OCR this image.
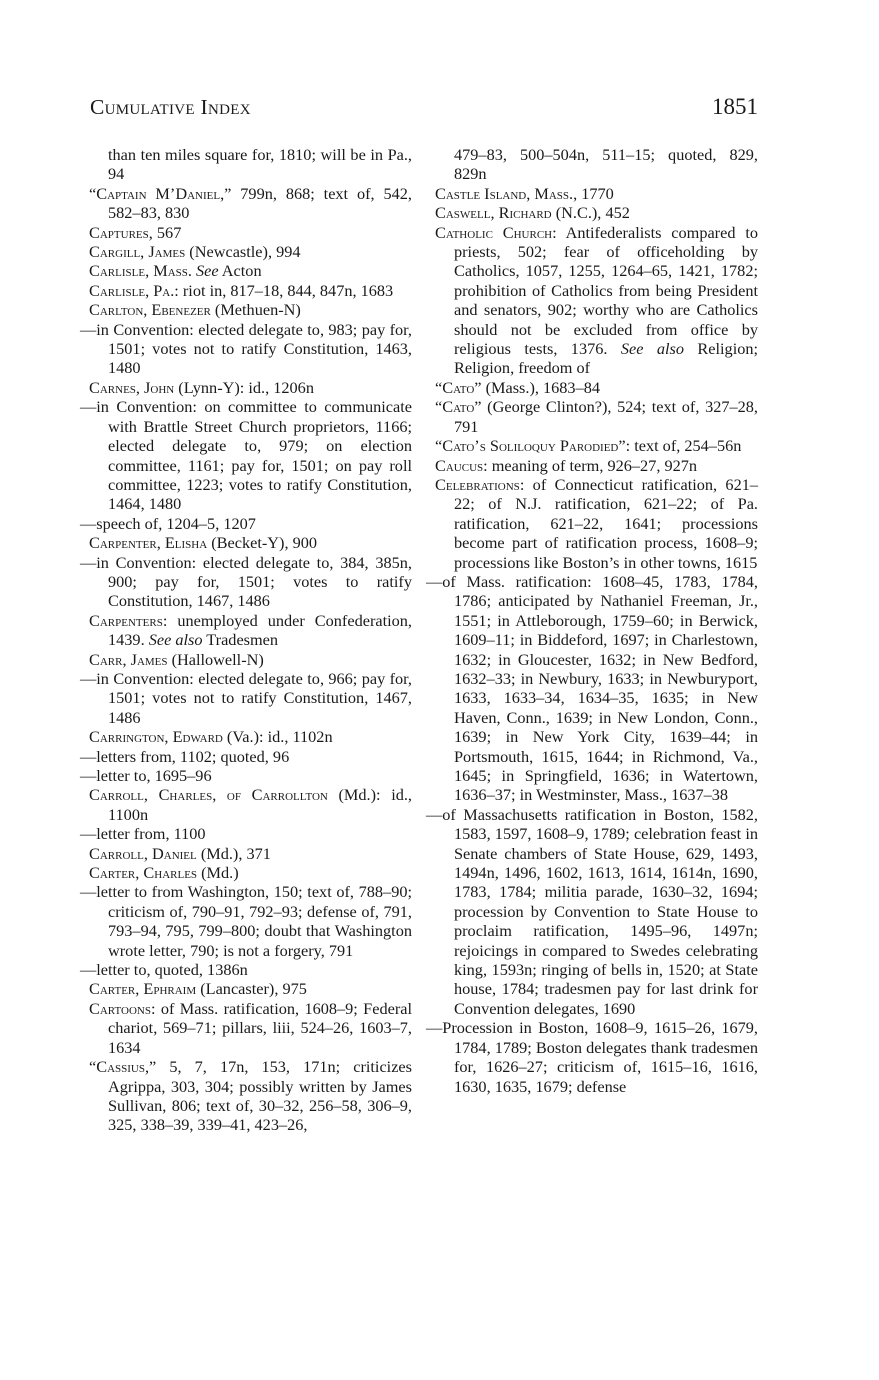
Cumulative Index	1851
than ten miles square for, 1810; will be in Pa., 94
“Captain M’Daniel,” 799n, 868; text of, 542, 582–83, 830
Captures, 567
Cargill, James (Newcastle), 994
Carlisle, Mass. See Acton
Carlisle, Pa.: riot in, 817–18, 844, 847n, 1683
Carlton, Ebenezer (Methuen-N)
—in Convention: elected delegate to, 983; pay for, 1501; votes not to ratify Constitution, 1463, 1480
Carnes, John (Lynn-Y): id., 1206n
—in Convention: on committee to communicate with Brattle Street Church proprietors, 1166; elected delegate to, 979; on election committee, 1161; pay for, 1501; on pay roll committee, 1223; votes to ratify Constitution, 1464, 1480
—speech of, 1204–5, 1207
Carpenter, Elisha (Becket-Y), 900
—in Convention: elected delegate to, 384, 385n, 900; pay for, 1501; votes to ratify Constitution, 1467, 1486
Carpenters: unemployed under Confederation, 1439. See also Tradesmen
Carr, James (Hallowell-N)
—in Convention: elected delegate to, 966; pay for, 1501; votes not to ratify Constitution, 1467, 1486
Carrington, Edward (Va.): id., 1102n
—letters from, 1102; quoted, 96
—letter to, 1695–96
Carroll, Charles, of Carrollton (Md.): id., 1100n
—letter from, 1100
Carroll, Daniel (Md.), 371
Carter, Charles (Md.)
—letter to from Washington, 150; text of, 788–90; criticism of, 790–91, 792–93; defense of, 791, 793–94, 795, 799–800; doubt that Washington wrote letter, 790; is not a forgery, 791
—letter to, quoted, 1386n
Carter, Ephraim (Lancaster), 975
Cartoons: of Mass. ratification, 1608–9; Federal chariot, 569–71; pillars, liii, 524–26, 1603–7, 1634
“Cassius,” 5, 7, 17n, 153, 171n; criticizes Agrippa, 303, 304; possibly written by James Sullivan, 806; text of, 30–32, 256–58, 306–9, 325, 338–39, 339–41, 423–26,
479–83, 500–504n, 511–15; quoted, 829, 829n
Castle Island, Mass., 1770
Caswell, Richard (N.C.), 452
Catholic Church: Antifederalists compared to priests, 502; fear of officeholding by Catholics, 1057, 1255, 1264–65, 1421, 1782; prohibition of Catholics from being President and senators, 902; worthy who are Catholics should not be excluded from office by religious tests, 1376. See also Religion; Religion, freedom of
“Cato” (Mass.), 1683–84
“Cato” (George Clinton?), 524; text of, 327–28, 791
“Cato’s Soliloquy Parodied”: text of, 254–56n
Caucus: meaning of term, 926–27, 927n
Celebrations: of Connecticut ratification, 621–22; of N.J. ratification, 621–22; of Pa. ratification, 621–22, 1641; processions become part of ratification process, 1608–9; processions like Boston’s in other towns, 1615
—of Mass. ratification: 1608–45, 1783, 1784, 1786; anticipated by Nathaniel Freeman, Jr., 1551; in Attleborough, 1759–60; in Berwick, 1609–11; in Biddeford, 1697; in Charlestown, 1632; in Gloucester, 1632; in New Bedford, 1632–33; in Newbury, 1633; in Newburyport, 1633, 1633–34, 1634–35, 1635; in New Haven, Conn., 1639; in New London, Conn., 1639; in New York City, 1639–44; in Portsmouth, 1615, 1644; in Richmond, Va., 1645; in Springfield, 1636; in Watertown, 1636–37; in Westminster, Mass., 1637–38
—of Massachusetts ratification in Boston, 1582, 1583, 1597, 1608–9, 1789; celebration feast in Senate chambers of State House, 629, 1493, 1494n, 1496, 1602, 1613, 1614, 1614n, 1690, 1783, 1784; militia parade, 1630–32, 1694; procession by Convention to State House to proclaim ratification, 1495–96, 1497n; rejoicings in compared to Swedes celebrating king, 1593n; ringing of bells in, 1520; at State house, 1784; tradesmen pay for last drink for Convention delegates, 1690
—Procession in Boston, 1608–9, 1615–26, 1679, 1784, 1789; Boston delegates thank tradesmen for, 1626–27; criticism of, 1615–16, 1616, 1630, 1635, 1679; defense
